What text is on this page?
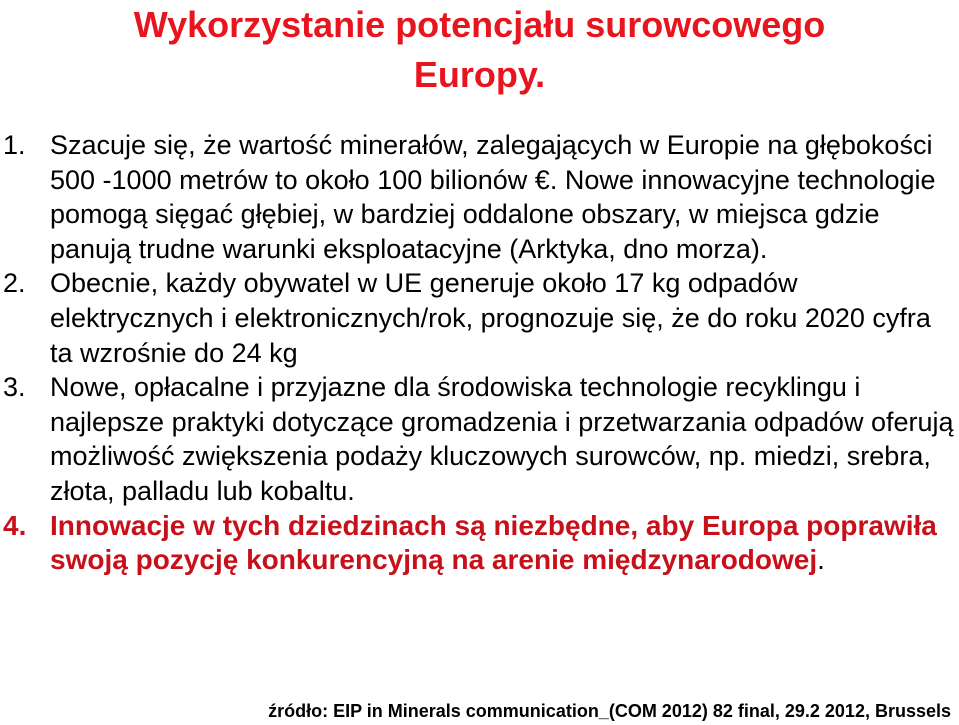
Wykorzystanie potencjału surowcowego
Europy.
1. Szacuje się, że wartość minerałów, zalegających w Europie na głębokości 500 -1000 metrów to około 100 bilionów €. Nowe innowacyjne technologie pomogą sięgać głębiej, w bardziej oddalone obszary, w miejsca gdzie panują trudne warunki eksploatacyjne (Arktyka, dno morza).
2. Obecnie, każdy obywatel w UE generuje około 17 kg odpadów elektrycznych i elektronicznych/rok, prognozuje się, że do roku 2020 cyfra ta wzrośnie do 24 kg
3. Nowe, opłacalne i przyjazne dla środowiska technologie recyklingu i najlepsze praktyki dotyczące gromadzenia i przetwarzania odpadów oferują możliwość zwiększenia podaży kluczowych surowców, np. miedzi, srebra, złota, palladu lub kobaltu.
4. Innowacje w tych dziedzinach są niezbędne, aby Europa poprawiła swoją pozycję konkurencyjną na arenie międzynarodowej.
źródło: EIP in Minerals communication_(COM 2012) 82 final, 29.2 2012, Brussels
